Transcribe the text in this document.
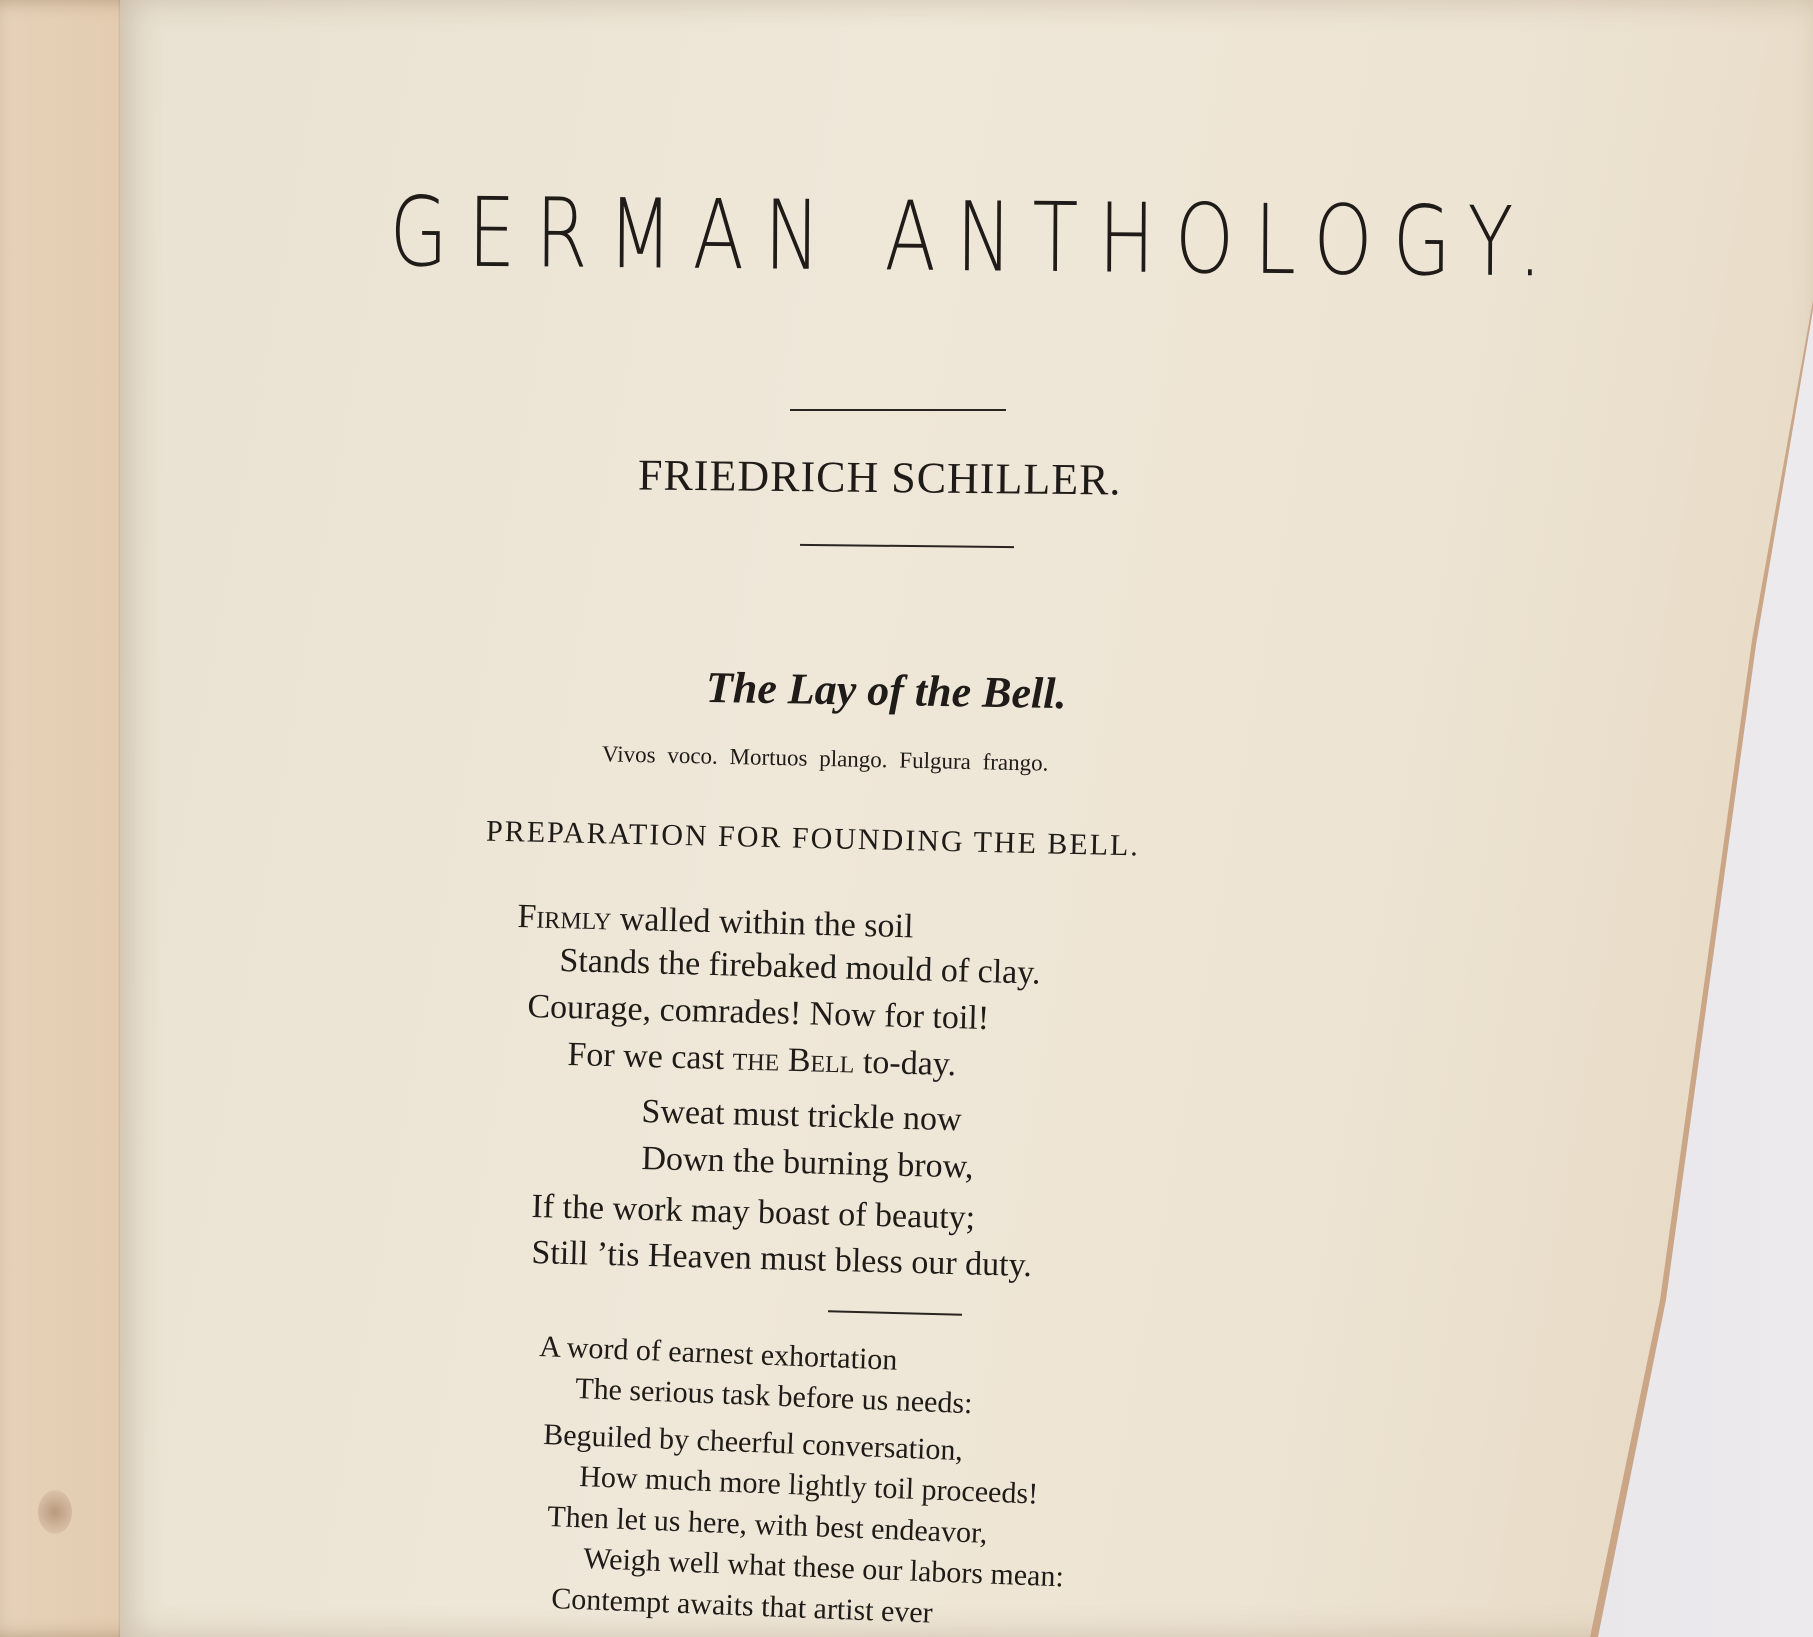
GERMAN ANTHOLOGY.
FRIEDRICH SCHILLER.
The Lay of the Bell.
Vivos voco. Mortuos plango. Fulgura frango.
PREPARATION FOR FOUNDING THE BELL.
Firmly walled within the soil
Stands the firebaked mould of clay.
Courage, comrades! Now for toil!
For we cast the Bell to-day.
Sweat must trickle now
Down the burning brow,
If the work may boast of beauty;
Still ’tis Heaven must bless our duty.
A word of earnest exhortation
The serious task before us needs:
Beguiled by cheerful conversation,
How much more lightly toil proceeds!
Then let us here, with best endeavor,
Weigh well what these our labors mean:
Contempt awaits that artist ever
